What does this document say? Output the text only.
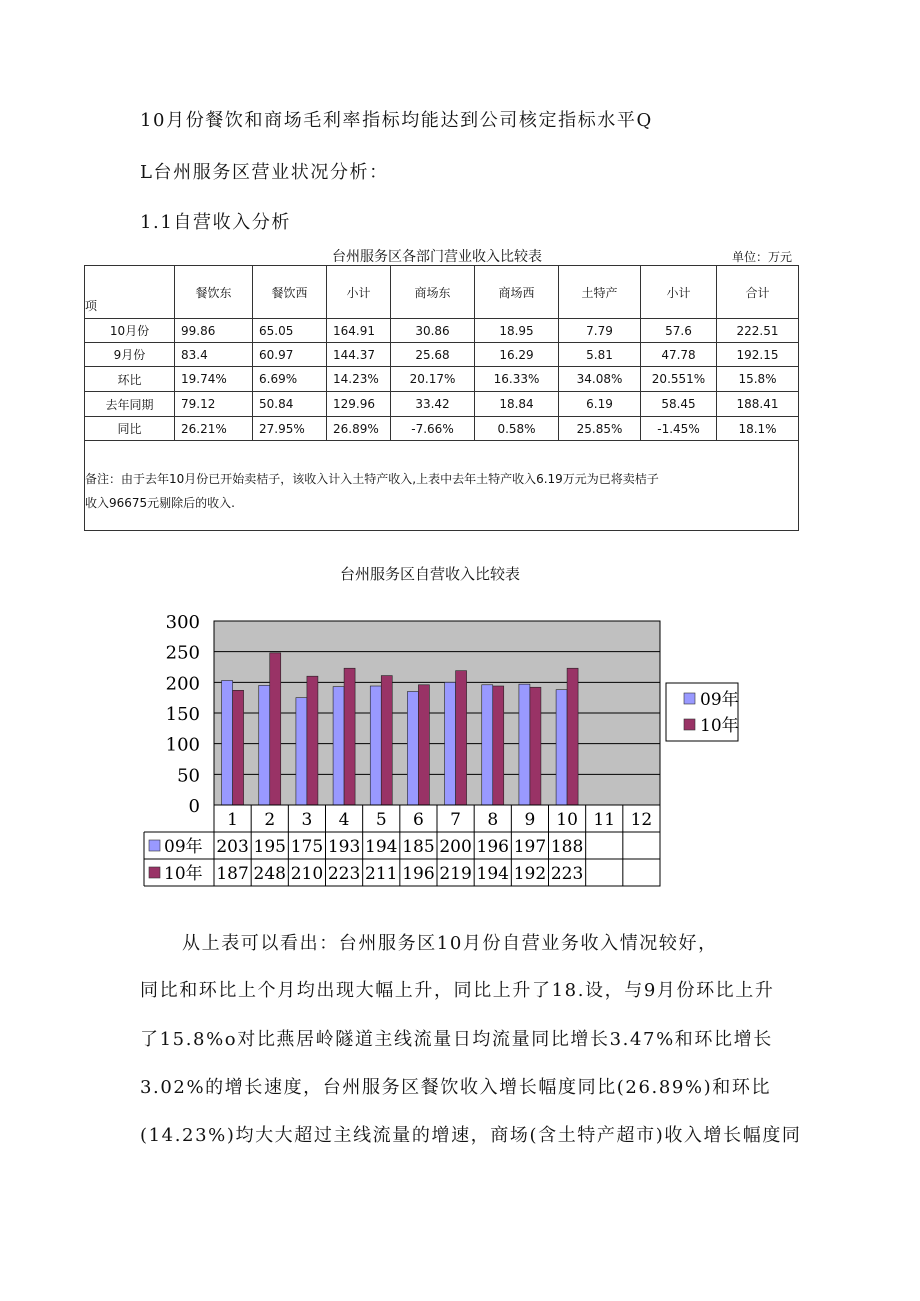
10月份餐饮和商场毛利率指标均能达到公司核定指标水平Q
L台州服务区营业状况分析：
1.1自营收入分析
台州服务区各部门营业收入比较表	单位：万元
项	餐饮东	餐饮西	小计	商场东	商场西	土特产	小计	合计
10月份	99.86	65.05	164.91	30.86	18.95	7.79	57.6	222.51
9月份	83.4	60.97	144.37	25.68	16.29	5.81	47.78	192.15
环比	19.74%	6.69%	14.23%	20.17%	16.33%	34.08%	20.551%	15.8%
去年同期	79.12	50.84	129.96	33.42	18.84	6.19	58.45	188.41
同比	26.21%	27.95%	26.89%	-7.66%	0.58%	25.85%	-1.45%	18.1%

备注：由于去年10月份已开始卖桔子，该收入计入土特产收入,上表中去年土特产收入6.19万元为已将卖桔子
收入96675元剔除后的收入.								
台州服务区自营收入比较表
0
50
100
150
200
250
300
1 2 3 4 5 6 7 8 9 10 11 12
09年 203 195 175 193 194 185 200 196 197 188
10年 187 248 210 223 211 196 219 194 192 223
09年
10年
从上表可以看出：台州服务区10月份自营业务收入情况较好，
同比和环比上个月均出现大幅上升，同比上升了18.设，与9月份环比上升
了15.8%o对比燕居岭隧道主线流量日均流量同比增长3.47%和环比增长
3.02%的增长速度，台州服务区餐饮收入增长幅度同比(26.89%)和环比
(14.23%)均大大超过主线流量的增速，商场(含土特产超市)收入增长幅度同
